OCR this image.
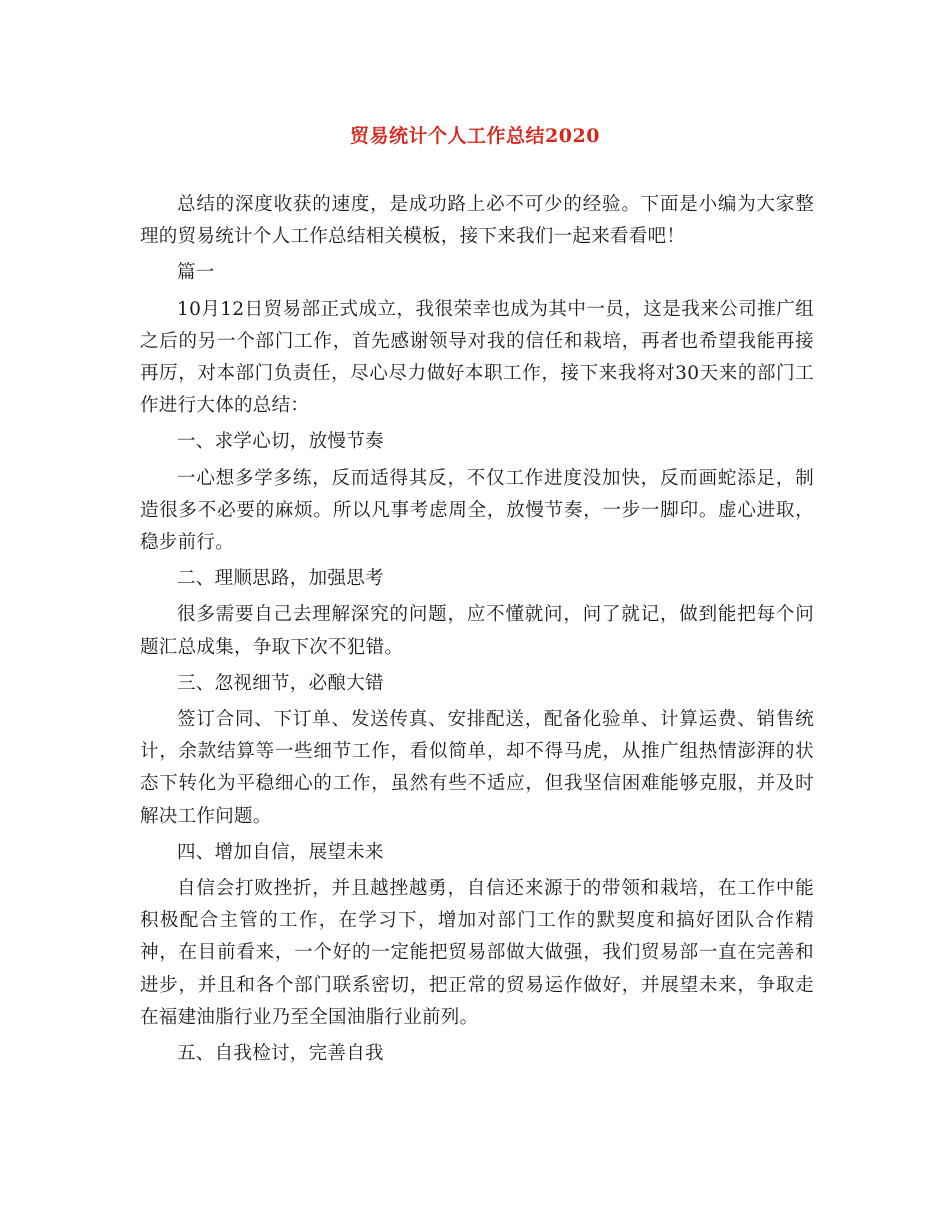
贸易统计个人工作总结2020

总结的深度收获的速度，是成功路上必不可少的经验。下面是小编为大家整理的贸易统计个人工作总结相关模板，接下来我们一起来看看吧！

篇一

10月12日贸易部正式成立，我很荣幸也成为其中一员，这是我来公司推广组之后的另一个部门工作，首先感谢领导对我的信任和栽培，再者也希望我能再接再厉，对本部门负责任，尽心尽力做好本职工作，接下来我将对30天来的部门工作进行大体的总结：

一、求学心切，放慢节奏

一心想多学多练，反而适得其反，不仅工作进度没加快，反而画蛇添足，制造很多不必要的麻烦。所以凡事考虑周全，放慢节奏，一步一脚印。虚心进取，稳步前行。

二、理顺思路，加强思考

很多需要自己去理解深究的问题，应不懂就问，问了就记，做到能把每个问题汇总成集，争取下次不犯错。

三、忽视细节，必酿大错

签订合同、下订单、发送传真、安排配送，配备化验单、计算运费、销售统计，余款结算等一些细节工作，看似简单，却不得马虎，从推广组热情澎湃的状态下转化为平稳细心的工作，虽然有些不适应，但我坚信困难能够克服，并及时解决工作问题。

四、增加自信，展望未来

自信会打败挫折，并且越挫越勇，自信还来源于的带领和栽培，在工作中能积极配合主管的工作，在学习下，增加对部门工作的默契度和搞好团队合作精神，在目前看来，一个好的一定能把贸易部做大做强，我们贸易部一直在完善和进步，并且和各个部门联系密切，把正常的贸易运作做好，并展望未来，争取走在福建油脂行业乃至全国油脂行业前列。

五、自我检讨，完善自我
